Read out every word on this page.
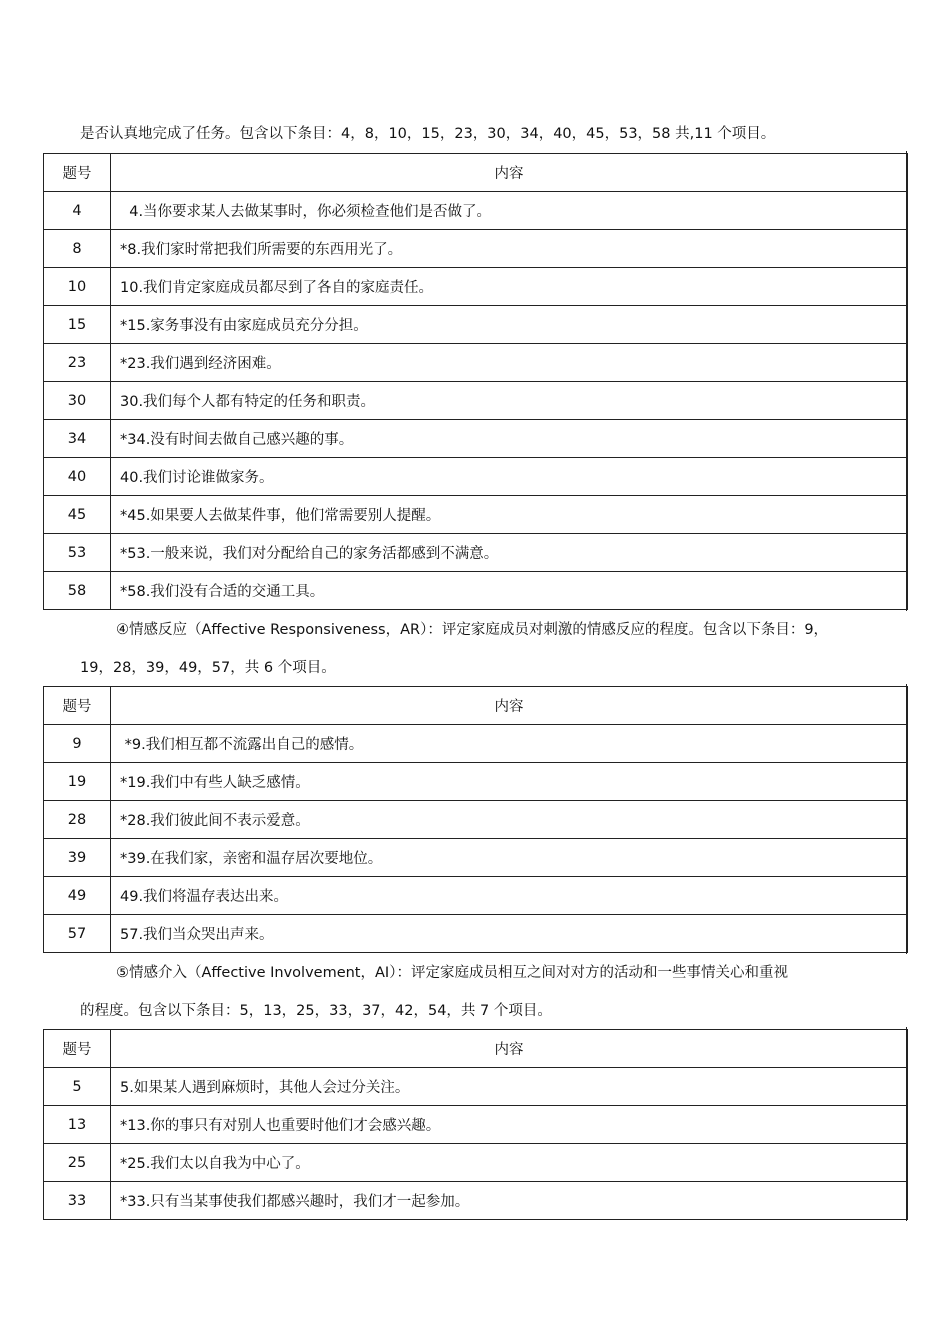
是否认真地完成了任务。包含以下条目：4，8，10，15，23，30，34，40，45，53，58 共,11 个项目。
题号	内容
4	4.当你要求某人去做某事时，你必须检查他们是否做了。
8	*8.我们家时常把我们所需要的东西用光了。
10	10.我们肯定家庭成员都尽到了各自的家庭责任。
15	*15.家务事没有由家庭成员充分分担。
23	*23.我们遇到经济困难。
30	30.我们每个人都有特定的任务和职责。
34	*34.没有时间去做自己感兴趣的事。
40	40.我们讨论谁做家务。
45	*45.如果要人去做某件事，他们常需要别人提醒。
53	*53.一般来说，我们对分配给自己的家务活都感到不满意。
58	*58.我们没有合适的交通工具。
④情感反应（Affective Responsiveness，AR）：评定家庭成员对刺激的情感反应的程度。包含以下条目：9，
19，28，39，49，57，共 6 个项目。
题号	内容
9	*9.我们相互都不流露出自己的感情。
19	*19.我们中有些人缺乏感情。
28	*28.我们彼此间不表示爱意。
39	*39.在我们家，亲密和温存居次要地位。
49	49.我们将温存表达出来。
57	57.我们当众哭出声来。
⑤情感介入（Affective Involvement，AI）：评定家庭成员相互之间对对方的活动和一些事情关心和重视
的程度。包含以下条目：5，13，25，33，37，42，54，共 7 个项目。
题号	内容
5	5.如果某人遇到麻烦时，其他人会过分关注。
13	*13.你的事只有对别人也重要时他们才会感兴趣。
25	*25.我们太以自我为中心了。
33	*33.只有当某事使我们都感兴趣时，我们才一起参加。
